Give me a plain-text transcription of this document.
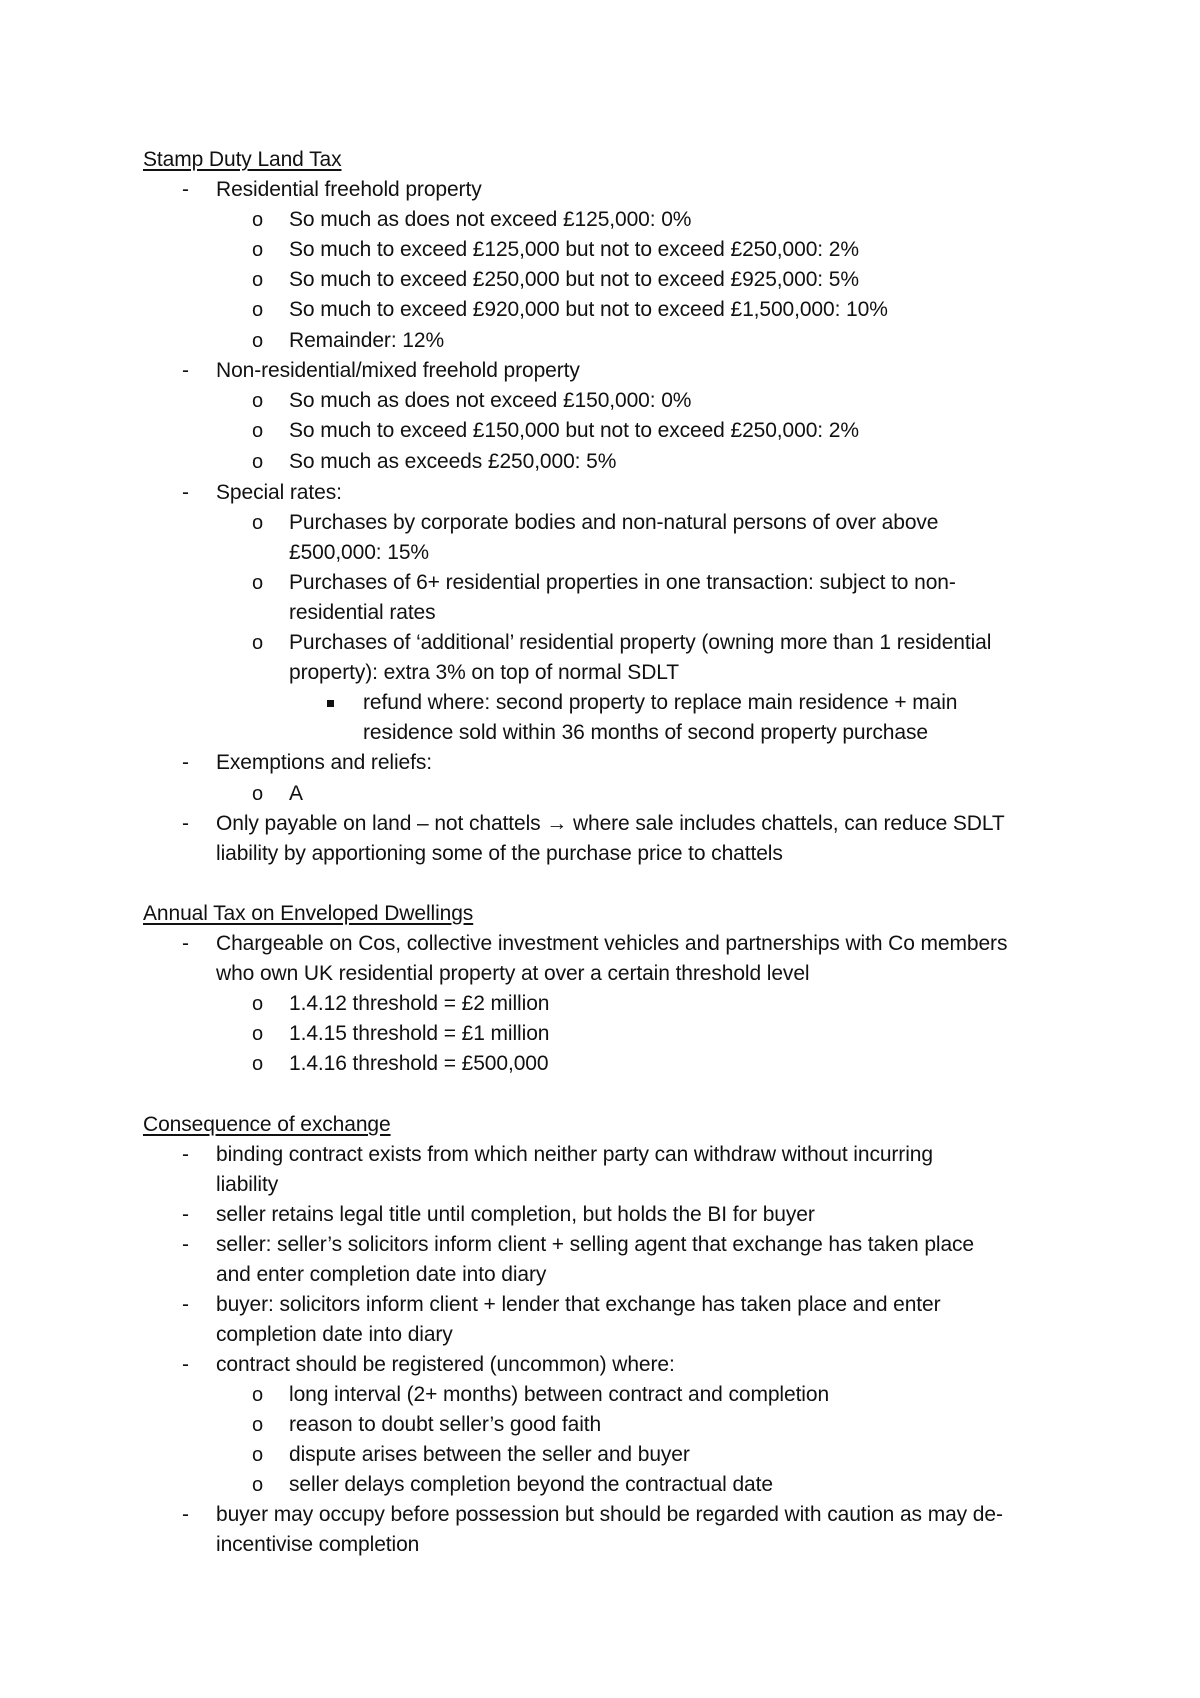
Stamp Duty Land Tax
- Residential freehold property
o So much as does not exceed £125,000: 0%
o So much to exceed £125,000 but not to exceed £250,000: 2%
o So much to exceed £250,000 but not to exceed £925,000: 5%
o So much to exceed £920,000 but not to exceed £1,500,000: 10%
o Remainder: 12%
- Non-residential/mixed freehold property
o So much as does not exceed £150,000: 0%
o So much to exceed £150,000 but not to exceed £250,000: 2%
o So much as exceeds £250,000: 5%
- Special rates:
o Purchases by corporate bodies and non-natural persons of over above
£500,000: 15%
o Purchases of 6+ residential properties in one transaction: subject to non-
residential rates
o Purchases of ‘additional’ residential property (owning more than 1 residential
property): extra 3% on top of normal SDLT
refund where: second property to replace main residence + main
residence sold within 36 months of second property purchase
- Exemptions and reliefs:
o A
- Only payable on land – not chattels → where sale includes chattels, can reduce SDLT
liability by apportioning some of the purchase price to chattels
Annual Tax on Enveloped Dwellings
- Chargeable on Cos, collective investment vehicles and partnerships with Co members
who own UK residential property at over a certain threshold level
o 1.4.12 threshold = £2 million
o 1.4.15 threshold = £1 million
o 1.4.16 threshold = £500,000
Consequence of exchange
- binding contract exists from which neither party can withdraw without incurring
liability
- seller retains legal title until completion, but holds the BI for buyer
- seller: seller’s solicitors inform client + selling agent that exchange has taken place
and enter completion date into diary
- buyer: solicitors inform client + lender that exchange has taken place and enter
completion date into diary
- contract should be registered (uncommon) where:
o long interval (2+ months) between contract and completion
o reason to doubt seller’s good faith
o dispute arises between the seller and buyer
o seller delays completion beyond the contractual date
- buyer may occupy before possession but should be regarded with caution as may de-
incentivise completion
